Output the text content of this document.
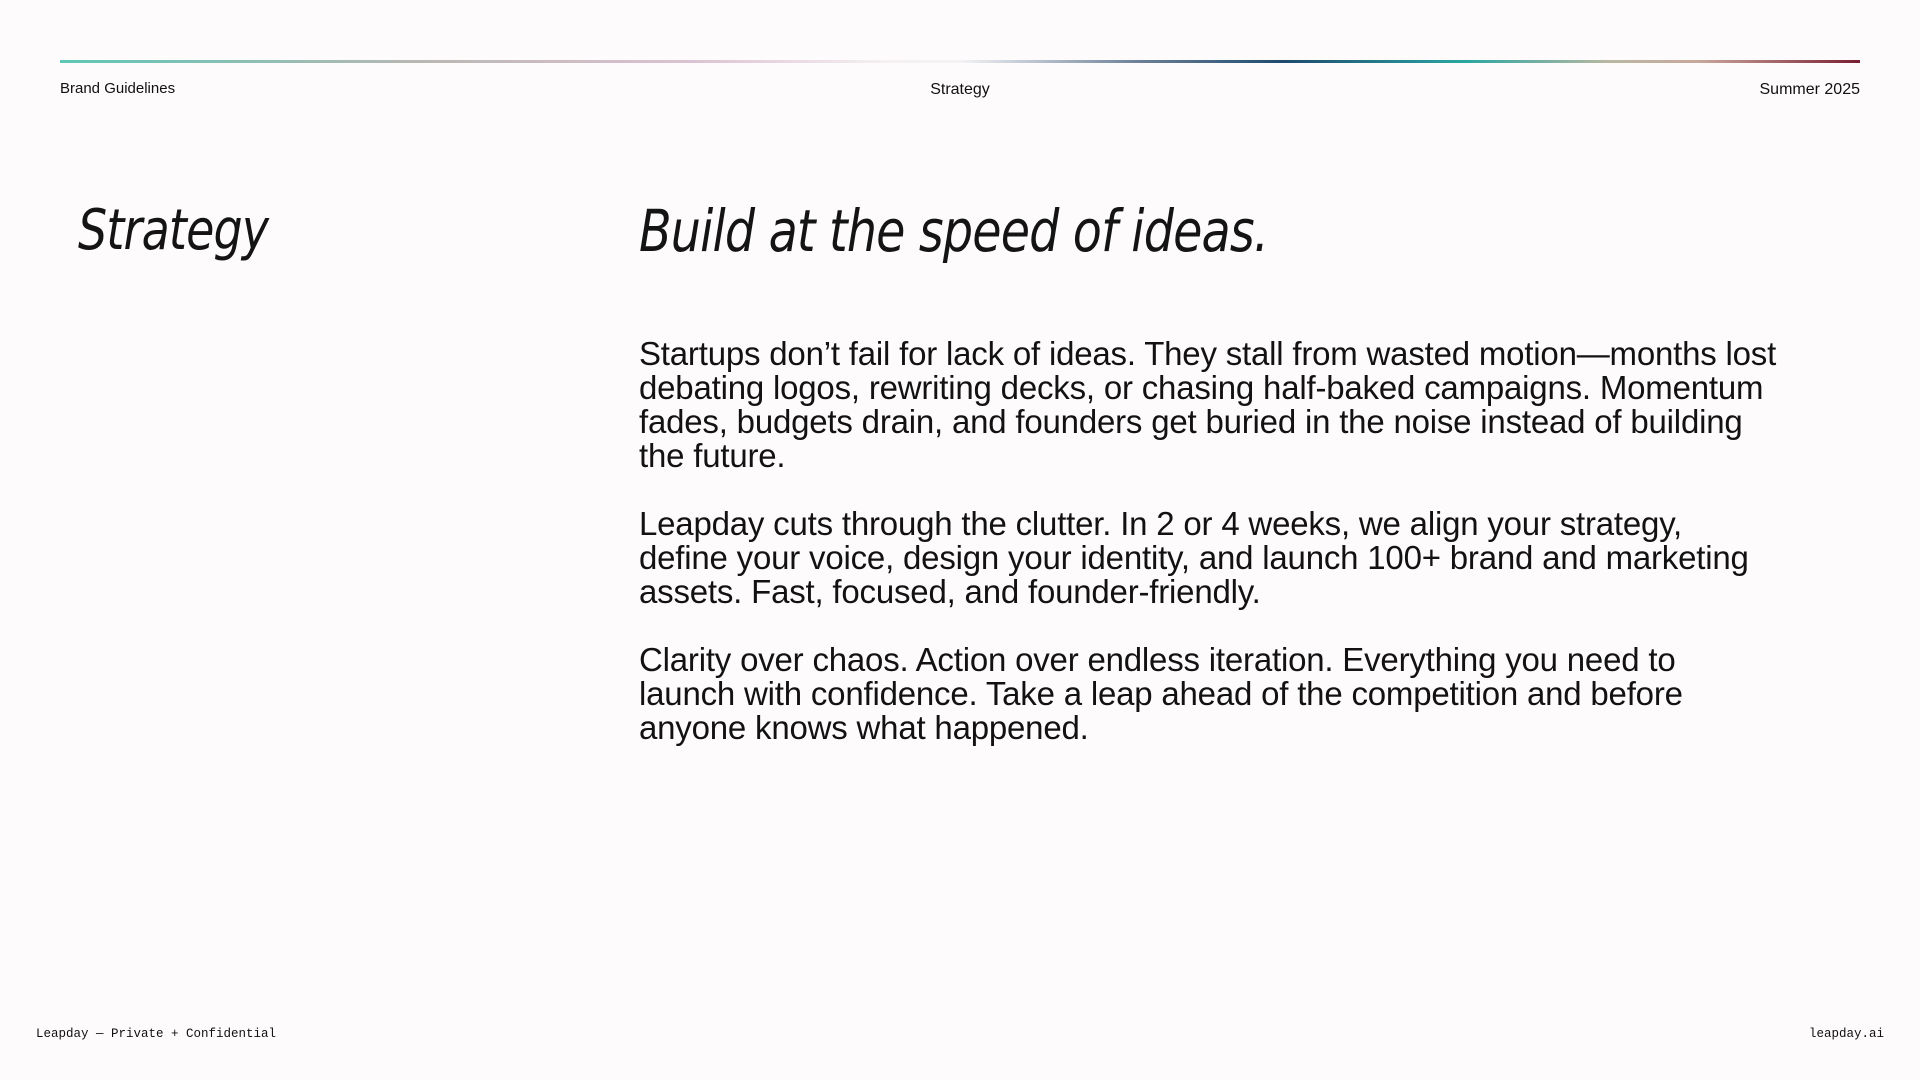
Brand Guidelines	Strategy	Summer 2025
Strategy	Build at the speed of ideas.

Startups don’t fail for lack of ideas. They stall from wasted motion—months lost debating logos, rewriting decks, or chasing half-baked campaigns. Momentum fades, budgets drain, and founders get buried in the noise instead of building the future.

Leapday cuts through the clutter. In 2 or 4 weeks, we align your strategy, define your voice, design your identity, and launch 100+ brand and marketing assets. Fast, focused, and founder-friendly.

Clarity over chaos. Action over endless iteration. Everything you need to launch with confidence. Take a leap ahead of the competition and before anyone knows what happened.

Leapday — Private + Confidential	leapday.ai
